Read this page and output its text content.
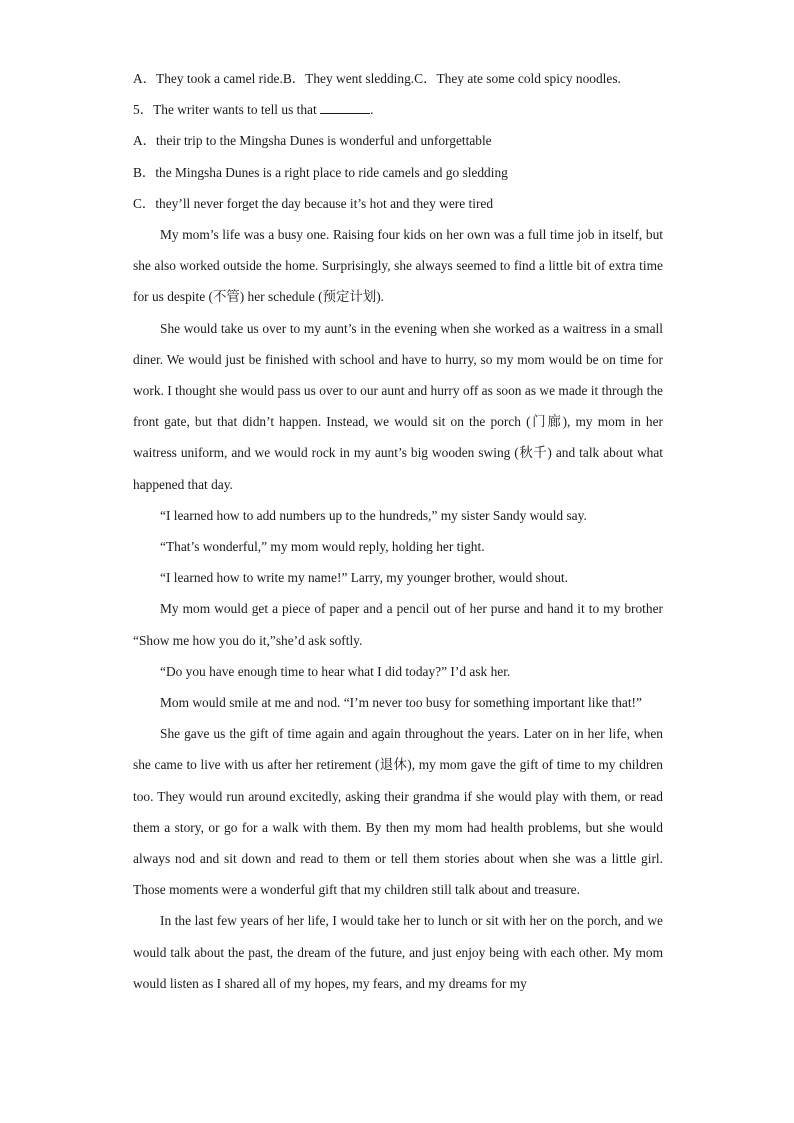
A．They took a camel ride.B．They went sledding.C．They ate some cold spicy noodles.

5．The writer wants to tell us that	.

A．their trip to the Mingsha Dunes is wonderful and unforgettable

B．the Mingsha Dunes is a right place to ride camels and go sledding

C．they’ll never forget the day because it’s hot and they were tired

My mom’s life was a busy one. Raising four kids on her own was a full time job in itself, but she also worked outside the home. Surprisingly, she always seemed to find a little bit of extra time for us despite (不管) her schedule (预定计划).

She would take us over to my aunt’s in the evening when she worked as a waitress in a small diner. We would just be finished with school and have to hurry, so my mom would be on time for work. I thought she would pass us over to our aunt and hurry off as soon as we made it through the front gate, but that didn’t happen. Instead, we would sit on the porch (门廊), my mom in her waitress uniform, and we would rock in my aunt’s big wooden swing (秋千) and talk about what happened that day.

“I learned how to add numbers up to the hundreds,” my sister Sandy would say.

“That’s wonderful,” my mom would reply, holding her tight.

“I learned how to write my name!” Larry, my younger brother, would shout.

My mom would get a piece of paper and a pencil out of her purse and hand it to my brother “Show me how you do it,”she’d ask softly.

“Do you have enough time to hear what I did today?” I’d ask her.

Mom would smile at me and nod. “I’m never too busy for something important like that!”

She gave us the gift of time again and again throughout the years. Later on in her life, when she came to live with us after her retirement (退休), my mom gave the gift of time to my children too. They would run around excitedly, asking their grandma if she would play with them, or read them a story, or go for a walk with them. By then my mom had health problems, but she would always nod and sit down and read to them or tell them stories about when she was a little girl. Those moments were a wonderful gift that my children still talk about and treasure.

In the last few years of her life, I would take her to lunch or sit with her on the porch, and we would talk about the past, the dream of the future, and just enjoy being with each other. My mom would listen as I shared all of my hopes, my fears, and my dreams for my
